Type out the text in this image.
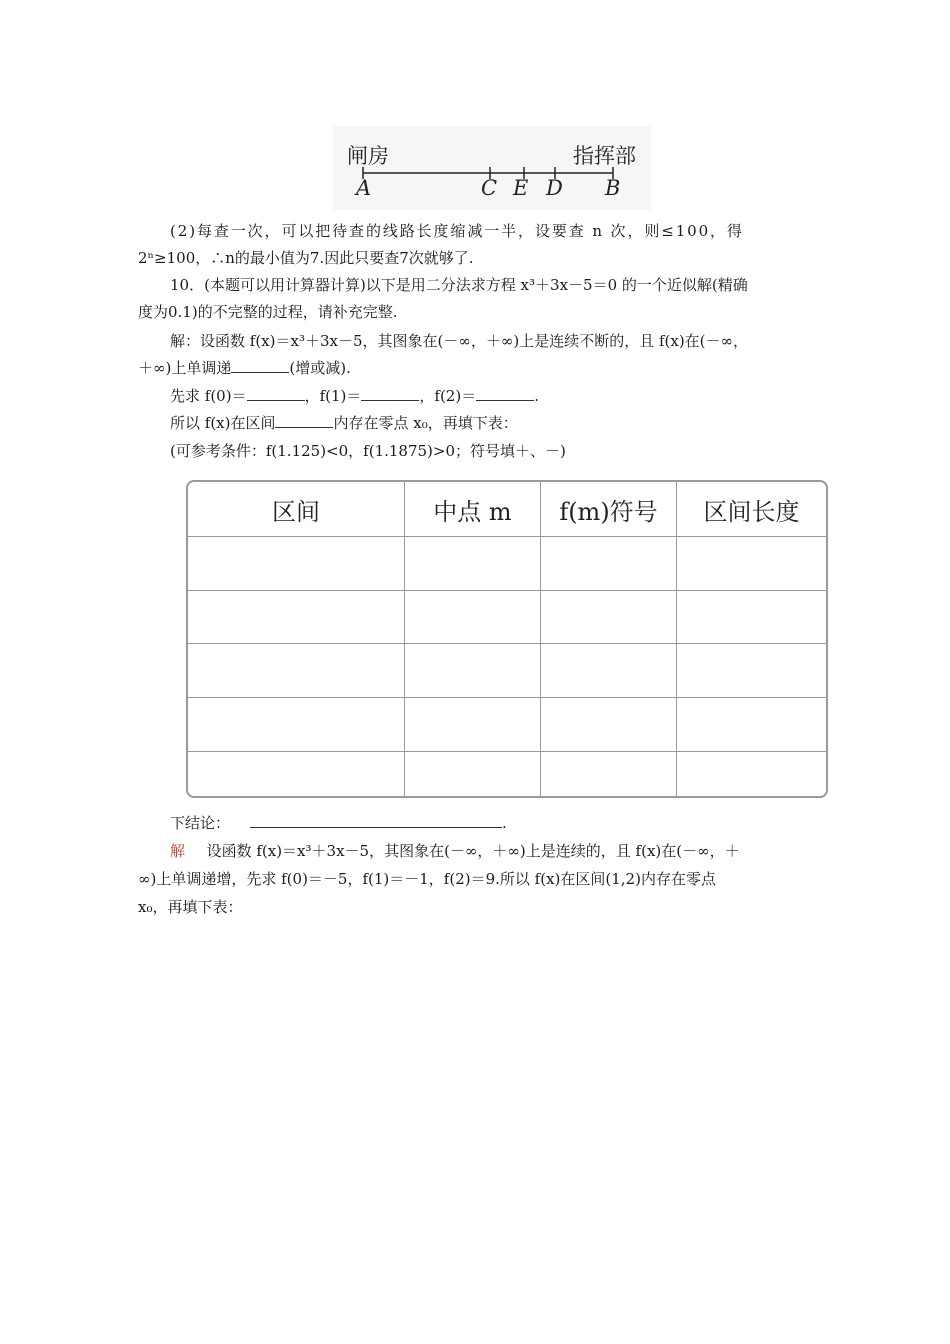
闸房	指挥部
A	C E D B
(2)每查一次，可以把待查的线路长度缩减一半，设要查 n 次，则≤100，得
2ⁿ≥100，∴n的最小值为7.因此只要查7次就够了.
10．(本题可以用计算器计算)以下是用二分法求方程 x³＋3x－5＝0 的一个近似解(精确
度为0.1)的不完整的过程，请补充完整.
解：设函数 f(x)＝x³＋3x－5，其图象在(－∞，＋∞)上是连续不断的，且 f(x)在(－∞，
＋∞)上单调递	(增或减).
先求 f(0)＝	，f(1)＝	，f(2)＝	.
所以 f(x)在区间	内存在零点 x₀，再填下表：
(可参考条件：f(1.125)<0，f(1.1875)>0；符号填＋、－)
区间	中点 m	f(m)符号	区间长度

下结论：	.
解 设函数 f(x)＝x³＋3x－5，其图象在(－∞，＋∞)上是连续的，且 f(x)在(－∞，＋
∞)上单调递增，先求 f(0)＝－5，f(1)＝－1，f(2)＝9.所以 f(x)在区间(1,2)内存在零点
x₀，再填下表：
